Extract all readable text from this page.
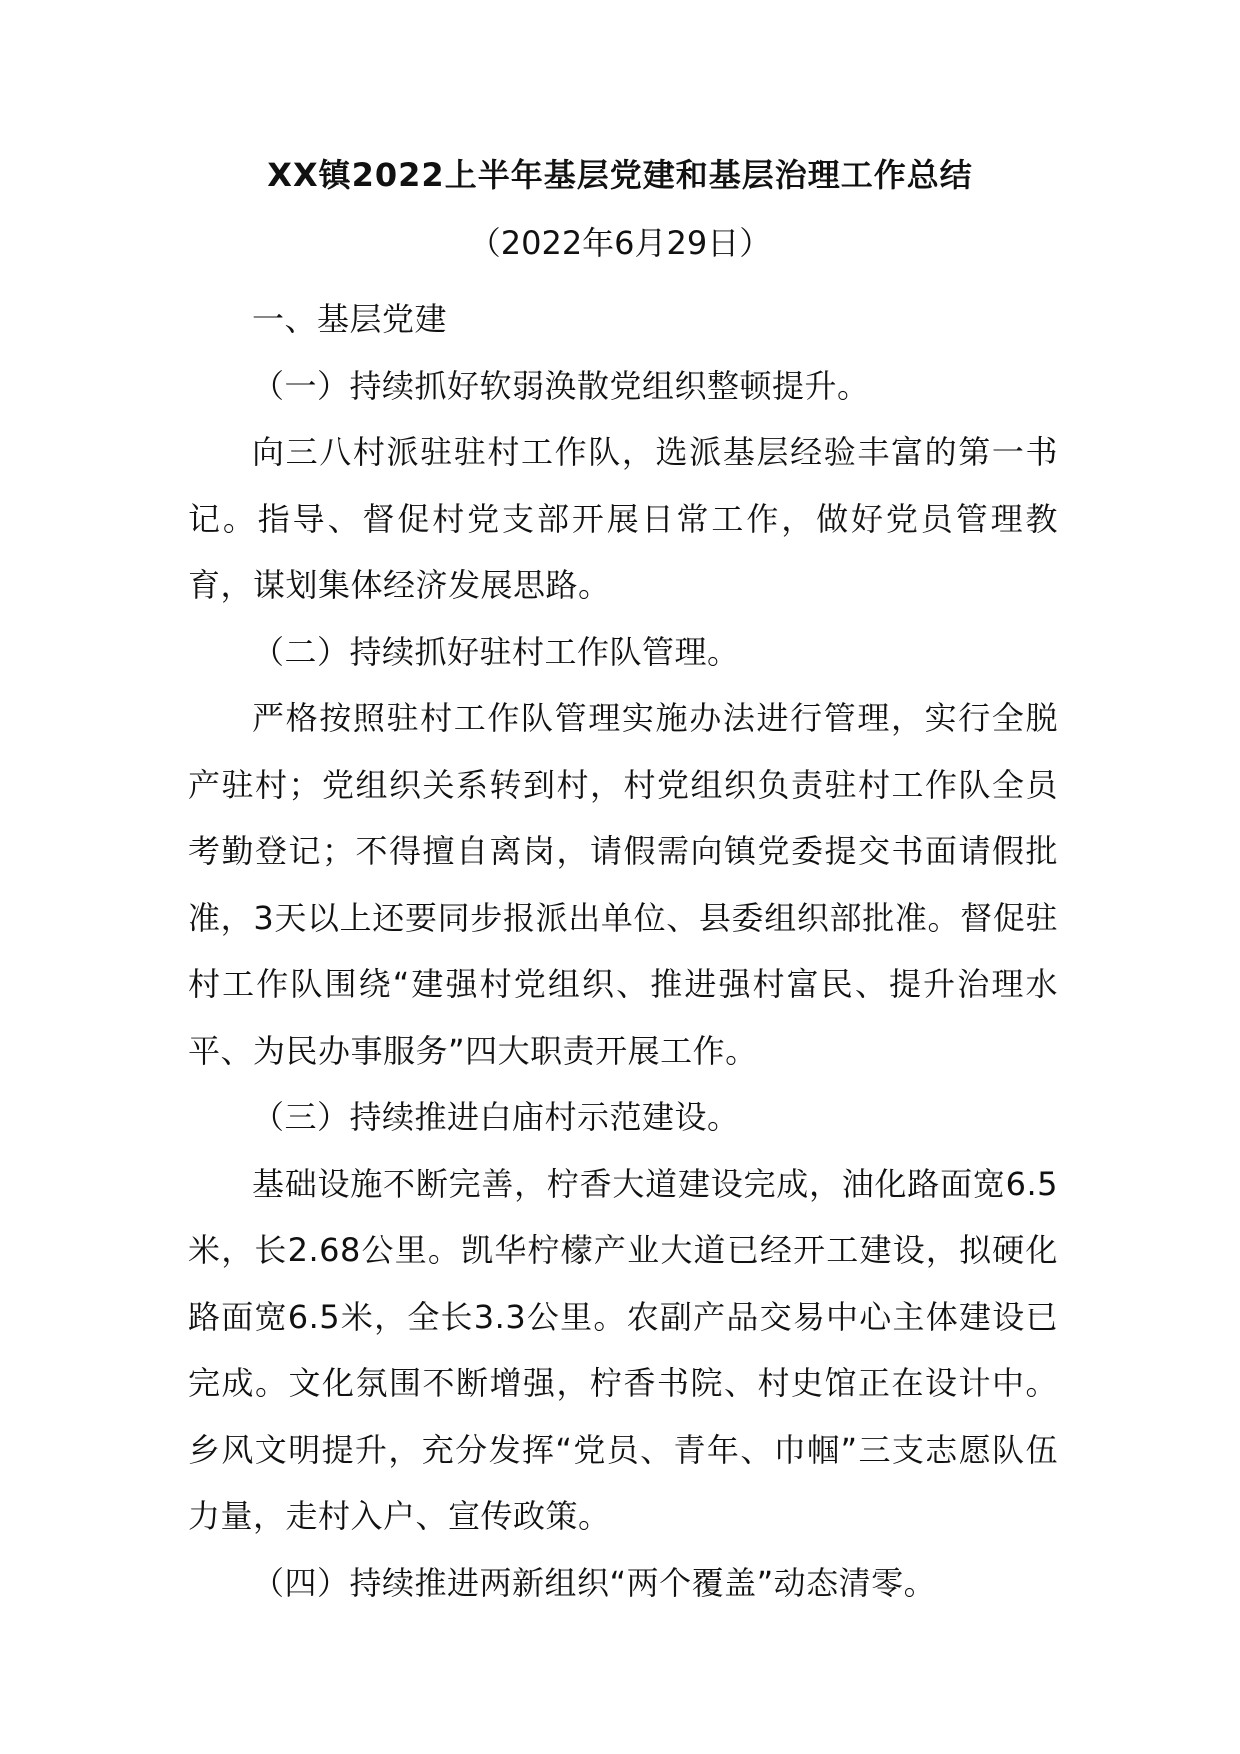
XX镇2022上半年基层党建和基层治理工作总结
（2022年6月29日）

一、基层党建

（一）持续抓好软弱涣散党组织整顿提升。

向三八村派驻驻村工作队，选派基层经验丰富的第一书记。指导、督促村党支部开展日常工作，做好党员管理教育，谋划集体经济发展思路。

（二）持续抓好驻村工作队管理。

严格按照驻村工作队管理实施办法进行管理，实行全脱产驻村；党组织关系转到村，村党组织负责驻村工作队全员考勤登记；不得擅自离岗，请假需向镇党委提交书面请假批准，3天以上还要同步报派出单位、县委组织部批准。督促驻村工作队围绕“建强村党组织、推进强村富民、提升治理水平、为民办事服务”四大职责开展工作。

（三）持续推进白庙村示范建设。

基础设施不断完善，柠香大道建设完成，油化路面宽6.5米，长2.68公里。凯华柠檬产业大道已经开工建设，拟硬化路面宽6.5米，全长3.3公里。农副产品交易中心主体建设已完成。文化氛围不断增强，柠香书院、村史馆正在设计中。乡风文明提升，充分发挥“党员、青年、巾帼”三支志愿队伍力量，走村入户、宣传政策。

（四）持续推进两新组织“两个覆盖”动态清零。
